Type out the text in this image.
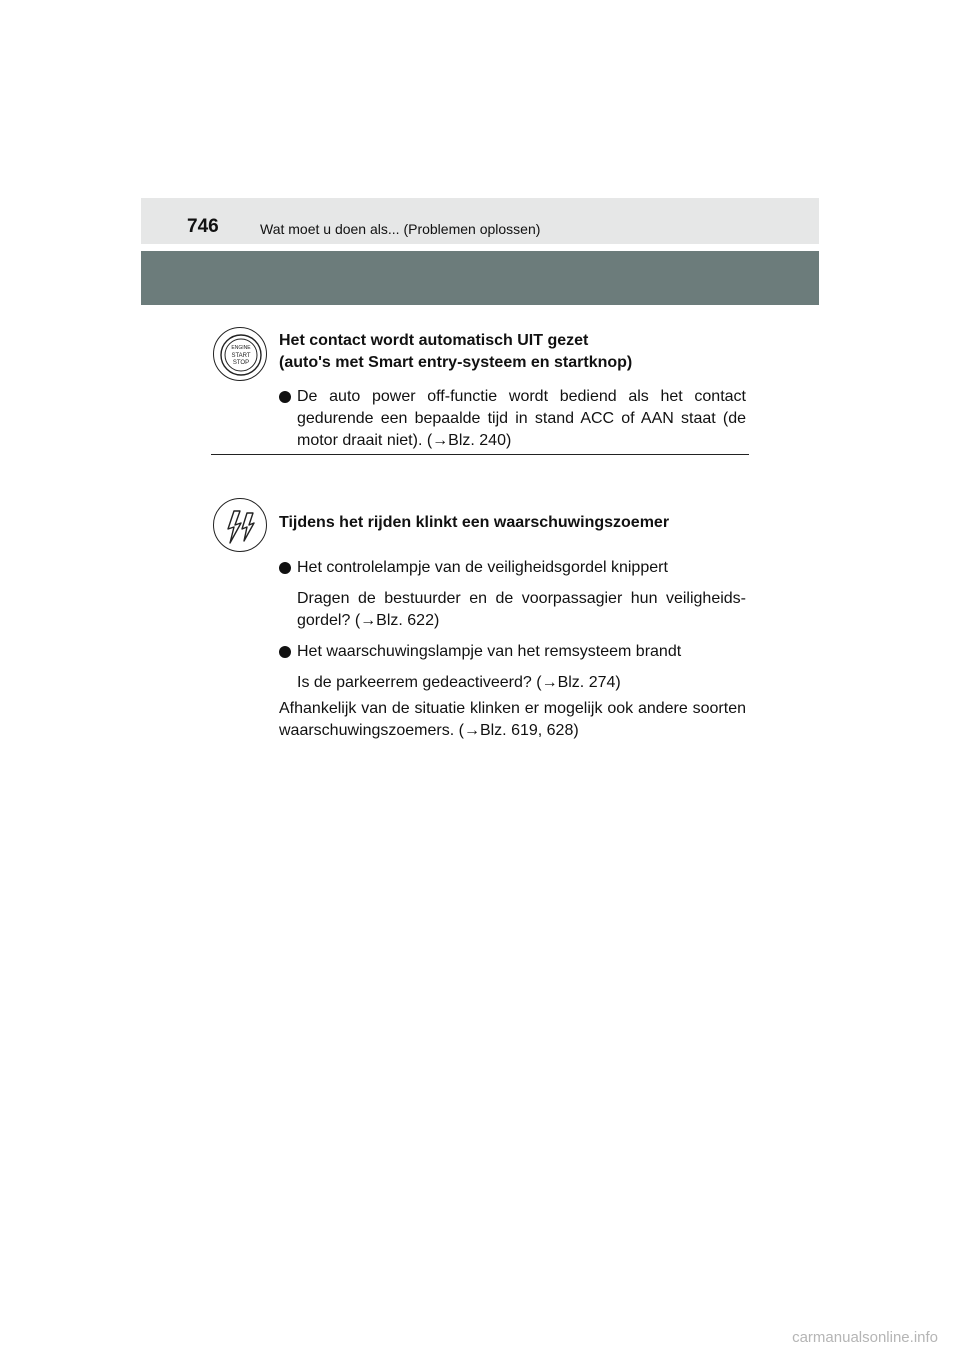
746	Wat moet u doen als... (Problemen oplossen)
ENGINE
START
STOP
Het contact wordt automatisch UIT gezet
(auto's met Smart entry-systeem en startknop)
De auto power off-functie wordt bediend als het contact gedurende een bepaalde tijd in stand ACC of AAN staat (de motor draait niet). (→Blz. 240)
Tijdens het rijden klinkt een waarschuwingszoemer
Het controlelampje van de veiligheidsgordel knippert
Dragen de bestuurder en de voorpassagier hun veiligheids-gordel? (→Blz. 622)
Het waarschuwingslampje van het remsysteem brandt
Is de parkeerrem gedeactiveerd? (→Blz. 274)
Afhankelijk van de situatie klinken er mogelijk ook andere soorten waarschuwingszoemers. (→Blz. 619, 628)
carmanualsonline.info
